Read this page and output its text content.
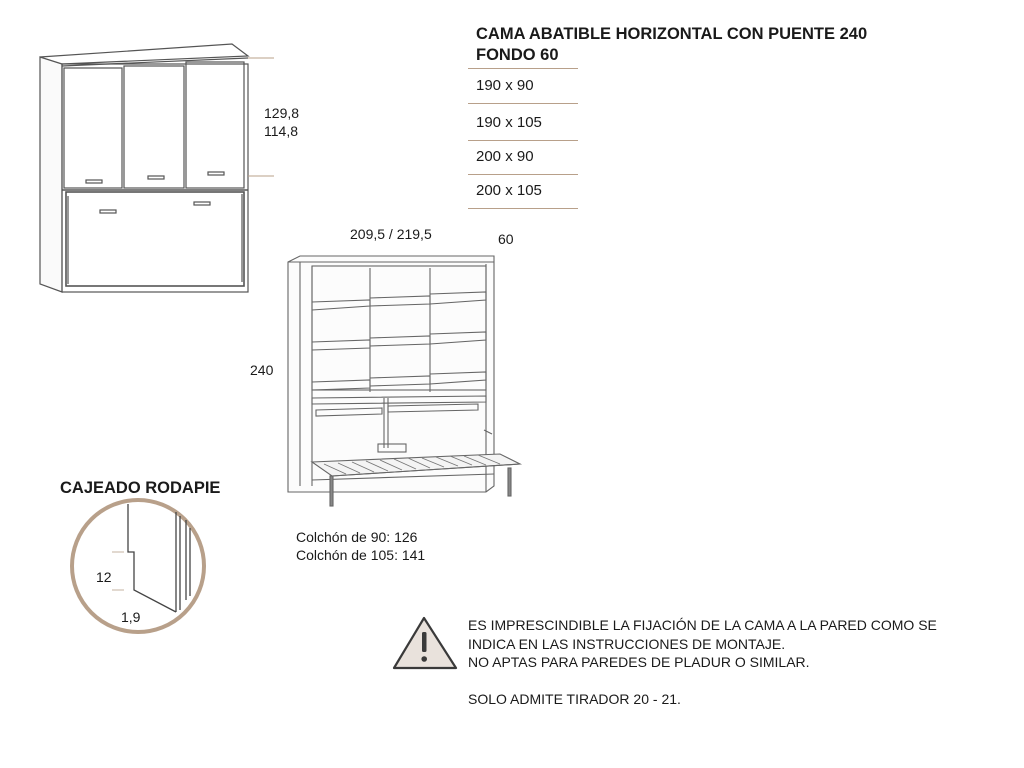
CAMA ABATIBLE HORIZONTAL CON PUENTE 240
FONDO 60
190 x 90
190 x 105
200 x 90
200 x 105
129,8
114,8
209,5 / 219,5	60
240
Colchón de 90: 126
Colchón de 105: 141
CAJEADO RODAPIE
12
1,9	ES IMPRESCINDIBLE LA FIJACIÓN DE LA CAMA A LA PARED COMO SE
INDICA EN LAS INSTRUCCIONES DE MONTAJE.
NO APTAS PARA PAREDES DE PLADUR O SIMILAR.
SOLO ADMITE TIRADOR 20 - 21.
